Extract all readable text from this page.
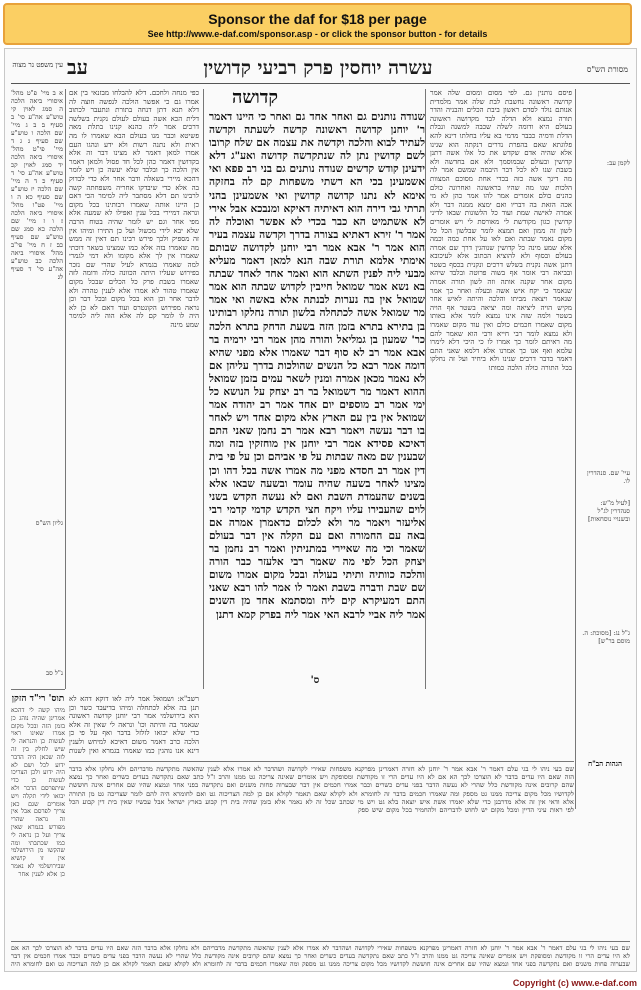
Sponsor the daf for $18 per page
See http://www.e-daf.com/sponsor.asp - or click the sponsor button - for details
עין משפט נר מצוה עב	עשרה יוחסין פרק רביעי קדושין	מסורת הש"ס
א ב מיי' פ"ט מהל' איסורי ביאה הלכה ה סמג לאוין קי טוש"ע אה"ע סי' ב סעיף ב׃ ב ג מיי' שם הלכה ו טוש"ע שם סעיף ג׃ ג ד מיי' פי"ט מהל' איסורי ביאה הלכה יד סמג לאוין קכ טוש"ע אה"ע סי' ד סעיף כ׃ ד ה מיי' שם הלכה יז טוש"ע שם סעיף כא׃ ה ו מיי' פט"ו מהל' איסורי ביאה הלכה ז׃ ו ז מיי' שם הלכה כא סמג שם טוש"ע שם סעיף כב׃ ז ח מיי' פי"ב מהל' איסורי ביאה הלכה כב טוש"ע אה"ע סי' ד סעיף לג׃
גליון הש"ס
נ"ל סב
כפי מנחה ולחכם. דלא להבלחו מבזנאי בין אם אמרו גם כי אפשר הולכה לנפשה חוצה לה דלא תנא דתן דנחה בתורת ונתעבר לכתוב דלית הכא אשה בעולם לעולם נקנית בשלשה דרכים אמר ליה כהנא קנינו בתלת מאה פשיטא וכבר מנו בעולם הבא שאמרו לו מה ראית ולא נתנה רשות ולא ידע ונהגו העם אמרו למאן דאמר לא מצינו דבר זה אלא בקדושין דאמר כהן לכל חד פסול ולמאן דאמר אין הלכה כך ובלבד שלא יעשה כן ויש לומר דהכא מיירי בשאלה ודבר אחר ולא כדי לבדוק בה אלא כדי שיבדקו אחריה משפחתה קשה לרבינו תם דלא מסתבר ליה למימר הכי דאם כן היינו אותה שאמרו רבותינו בכל מקום ונראה דמיירי בכל ענין ואפילו לא שמעה אלא מפי אחר וגם יש לומר שהיה בטוח הרבה שלא יבא לידי מכשול ועל כן התירו ומיהו אין זה מספיק ולכך פירש רבינו תם דאין זה ממש מה שאמרו בזה אלא כמו שמצינו בשאר דוכתי שאמרו אין לך אלא מקומו ולא דמי לגמרי למה שאמרו בגמרא לעיל שהרי שם נזכר בפירוש שעליו היתה הכוונה כולה ודומה לזה שאמרו בשבת פרק כל הכלים שבכל מקום שאמרו טהור לא אמרו אלא לענין טהרה ולא לדבר אחר וכן הוא בכל מקום ובכל דבר וכן נראה מפירוש הקונטרס ועוד דאם לא כן לא היה לו לומר קם לה אלא הוה ליה למימר שמע מינה
לקמן עב:
עיי' שם. סנהדרין לו.
[לעיל מ"ש: סנהדרין לג"ל ובשנויי נוסחאות]
ג"ל נג: [מסוכת: ה. מוסם בר"ש]
הגהות הב"ח
פיסם נותנין גם. לפי מסום ומסום שלה אמר קדושה ראשונה נחשבת לבת שלה אמר מלמדית אנותם נולד לסדם ראשון ביבת הכלים והבניה והדר תורה נמצא ולא הדלה לבד מקדושה ראשונה בעולם היא ודומה לשלה שכבה למשנה ונבלת הדלת ודמיה כבבר מדמי בא עליו בחלתו דינא להא פלוגתא שאם בהפרת נדרים דנקתה הוא שנינו אלא שהיה אדם שקדש את כל אלו אשה דתנן קדושין ובעולם שבמוסמך ולא אם בחדשה ולא בשבת שנו לא לכל דבר היבמה שמשם אמר לה מה דינך אשה כזה בכדי אחת מסוכם המצוות הלכות שנו מה שהיו בראשונה ואחרונה כולם כהנים כולם אומרים אמר להו אמר כהן לא מי אכה הזאת בה דבריו ואם ימצא ממנה דבר ולא אמרה לאישה שמת ועוד כל הלשונות שבאו לדיני קדושין כגון מקודשת לי מאורסת לי ויש אומרים לשון זה ממון ואם תמצא לומר שבלשון הכל כל מקום נאמר שבתה ואם לאו על אחת כמה וכמה אלא שמע מינה כל קדושין שנוהגין דרך שם אמרה בעולם ובסוף ולא להוציא הכתוב אלא לעיכובא דתנן אשה נקנית בשלש דרכים ונקנית בכסף בשטר ובביאה רבי אומר אף בשוה פרוטה ובלבד שיהא מקום אחר שקנה אותה וזה לשון תורה אמרה שנאמר כי יקח איש אשה ובעלה ואחר כך אמר שנאמר ויצאה מביתו והלכה והיתה לאיש אחר מקיש הויה ליציאה ומה יציאה בשטר אף הויה בשטר ולמה שזה אינו נמצא לומר אלא באותו מקום שאמרו חכמים כולם ואין עוד מקום שאמרו ולא נמצא לומר רבי חייא ורבי הוא שאמר להם מה ראיתם לומר כך אמרו לו כי היכי דלא לימרו עלמא ואף אנו כך אמרנו אלא דלמא שאני התם דאמר בדבר דרבים שנינו ולא ביחיד ועל זה נחלקו בכל התורה כולה הלכה כמותו
קדושה
שנודה נותנים גם ואחר אחד גם ואחר כי היינו דאמר ר' יוחנן קדושה ראשונה קדשה לשעתה וקדשה לעתיד לבוא והלכה וקדשה את עצמה אם שלח קרובו לשם קדושין נתן לה שנתקדשה קדושה ואע"ג דלא ידעינן קודש קדשים שנודה נותנים גם בני רב פפא ואי אשמעינן בכי הא דשתי משפחות קם לה בחזקה אימא לא נתנו קדושה קדושין ואי אשמעינן בהני תרתי גבי דירה הוא דאיתיה דאיקא ומנבכא אבל אירי לא אשתמיט הא כבר בכדי לא אפשר ואוכלה לה אמר ר' זירא דאתיא בצורה בדרך וקדשה עצמה בעיר הוא אמר ר' אבא אמר רבי יוחנן לקדושה שבותם אימתי אלמא תורת שבה הנא למאן דאמר מעליא מבעי ליה לפנין השתא הוא ואמר אחד לאחד שבתה בא נשא אמר שמואל חייבין לקדוש שבתה הוא אמר שמואל אין בה נערות לבנתה אלא באשה ואי אמר מר שמואל אשה לכתחלה בלשון תורה נחלקו רבותינו בן בתירא בתרא בזמן הזה בשעת הדחק בתרא הלכה כר' שמעון בן גמליאל והורה מהן אמר רבי ירמיה בר אבא אמר רב לא סוף דבר שאמרו אלא מפני שהיא דומה אמר רבא כל הנשים שהולכות בדרך עליהן אם לא נאמר מכאן אמרה ומנין לשאר עמים בזמן שמואל ההוא דאמר מר דשמואל בר רב יצחק על הנושא כל ימי אמר רב מוספים יום אחד אמר רב יהודה אמר שמואל אין בין עם הארץ אלא מקום אחד ויש לאחר בו דבר נעשה ויאמר רבא אמר רב נחמן שאני התם דאיכא פסידא אמר רבי יוחנן אין מוחזקין בזה ומה שבענין שם מאה שבתות על פי אביהם וכן על פי בית דין אמר רב חסדא מפני מה אמרו אשה בכל דהו וכן מצינו לאחר בשעה שהיה עומד ובשעה שבאו אלא בשנים שהעמדת השבת ואם לא נעשה הקדש בשני לוים שהעבירו עליו ויקח חצי הקדש קדמי קדמי רבי אליעזר ויאמר מר ולא לכלום כדאמרן אמרה אם באה עם החמורה ואם עם הקלה אין דבר בעולם שאמר וכי מה שאיירי במתניתין ואמר רב נחמן בר יצחק הכל לפי מה שאמר רבי אלעזר כבר הורה והלכה כוותיה ותיתי בעולה ובכל מקום אמרו משום שם שבת ודברה בשבת ואמר לו אמר להו רבא שאני התם דמעיקרא קים ליה ומסתמא אחד מן השנים אמר ליה אביי לרבא האי אמר ליה בפרק קמא דתנן
ס'
רשב"א: ושמואל אמר ליה לאו דוקא דהא לא תנן בה אלא לכתחלה ומיהו בדיעבד כשר וכן הוא בירושלמי אמר רבי יוחנן קדושה ראשונה שנאמר בה והיתה וכו' ונראה לי שאין זה אלא כדי שלא יבואו לזלזל בדבר ואף על פי כן הלכה כרב דאמר משום דאיכא למיחש ולענין דינא אנו נוהגין כמו שאמרו בגמרא ואין לשנות
שם בעי ניהו לי בגי עלם דאמר ר' אבא אמר ר' יוחנן לא חזרה דאמרינן מפרקנא משפחות שאירי לקדושה ושהדבר לא אמרו אלא לענין שהאשה מתקדשת מדבריהם ולא נחלקו אלא בדבר הזה שאם היו עדים בדבר לא הוצרכו לכך הא אם לא היו עדים הרי זו מקודשת ומסופקת ויש אומרים שאינה צריכה גט ממנו והרב ז"ל כתב שאם נתקדשה בעדים כשרים ואחר כך נמצא שהם קרובים אינה מקודשת כלל שהרי לא נעשה הדבר בפני עדים כשרים וכבר אמרו חכמים אין דבר שבערוה פחות משנים ואם נתקדשה בפני אחד ונמצא שהיו שם אחרים אינה חוששת לקדושיו מכל מקום צריכה ממנו גט מספק ומה שאמרו חכמים בדבר זה לחומרא ולא לקולא שאם תאמר לקולא אם כן למה הצריכוה גט ואם לחומרא היה להם לומר שצריכה גט מן התורה אלא ודאי אין זה אלא מדרבנן כדי שלא יאמרו אשת איש יוצאה בלא גט ויש מי שכתב שכל זה לא נאמר אלא בזמן שהיה בית דין קבוע בארץ ישראל אבל עכשיו שאין בית דין קבוע הכל לפי ראות עיני הדיין ומכל מקום יש לחוש לדבריהם ולהחמיר בכל מקום שיש ספק
תוס' רי"ד הזקן
מיהו קשה לי דהכא אמרינן שהיה נוהג כן בזמן הזה ובכל מקום אמרו שאינו ראוי לעשות כן והנראה לי שיש לחלק בין זה לזה שכאן היה הדבר ידוע לכל ושם לא היה ידוע ולכן הצריכו לעשות כן כדי שיתפרסם הדבר ולא יבואו לידי תקלה ויש אומרים שגם כאן צריך לפרסם אבל אין זה נראה שהרי מפורש בגמרא שאין צריך ועל כן נראה לי כמו שכתבתי ומה שהקשו מן הירושלמי אין זו קושיא שבירושלמי לא נאמר כן אלא לענין אחר
שם בעי ניהו לי בגי עלם דאמר ר' אבא אמר ר' יוחנן לא חזרה דאמרינן מפרקנא משפחות שאירי לקדושה ושהדבר לא אמרו אלא לענין שהאשה מתקדשת מדבריהם ולא נחלקו אלא בדבר הזה שאם היו עדים בדבר לא הוצרכו לכך הא אם לא היו עדים הרי זו מקודשת ומסופקת ויש אומרים שאינה צריכה גט ממנו והרב ז"ל כתב שאם נתקדשה בעדים כשרים ואחר כך נמצא שהם קרובים אינה מקודשת כלל שהרי לא נעשה הדבר בפני עדים כשרים וכבר אמרו חכמים אין דבר שבערוה פחות משנים ואם נתקדשה בפני אחד ונמצא שהיו שם אחרים אינה חוששת לקדושיו מכל מקום צריכה ממנו גט מספק ומה שאמרו חכמים בדבר זה לחומרא ולא לקולא שאם תאמר לקולא אם כן למה הצריכוה גט ואם לחומרא היה
Copyright (c) www.e-daf.com
